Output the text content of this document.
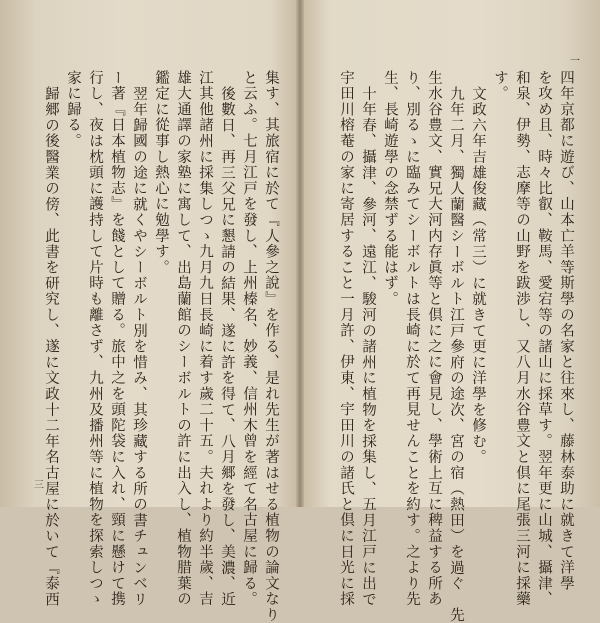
一
四年京都に遊び、山本亡羊等斯學の名家と往來し、藤林泰助に就きて洋學
を攻め且、時々比叡、鞍馬、愛宕等の諸山に採草す。翌年更に山城、攝津、
和泉、伊勢、志摩等の山野を跋渉し、又八月水谷豊文と倶に尾張三河に採藥
す。
文政六年吉雄俊藏（常三）に就きて更に洋學を修む。
九年二月、獨人蘭醫シーボルト江戸參府の途次、宮の宿（熱田）を過ぐ　先
生水谷豊文、實兄大河内存眞等と倶に之に會見し、學術上互に稗益する所あ
り、別るゝに臨みてシーボルトは長崎に於て再見せんことを約す。之より先
生、長崎遊學の念禁ずる能はず。
十年春、攝津、參河、遠江、駿河の諸州に植物を採集し、五月江戸に出で
宇田川榕菴の家に寄居すること一月許、伊東、宇田川の諸氏と倶に日光に採
集す、其旅宿に於て『人參之說』を作る、是れ先生が著はせる植物の論文なり
と云ふ。七月江戸を發し、上州榛名、妙義、信州木曾を經て名古屋に歸る。
後數日、再三父兄に懇請の結果、遂に許を得て、八月郷を發し、美濃、近
江其他諸州に採集しつゝ九月九日長崎に着す歲二十五。夫れより約半歲、吉
雄大通譯の家塾に寓して、出島蘭館のシーボルトの許に出入し、植物腊葉の
鑑定に從事し熱心に勉學す。
翌年歸國の途に就くやシーボルト別を惜み、其珍藏する所の書チュンベリ
ー著『日本植物志』を餞として贈る。旅中之を頭陀袋に入れ、頸に懸けて携
行し、夜は枕頭に護持して片時も離さず、九州及播州等に植物を探索しつゝ
家に歸る。
歸郷の後醫業の傍、此書を研究し、遂に文政十二年名古屋に於いて『泰西
三
